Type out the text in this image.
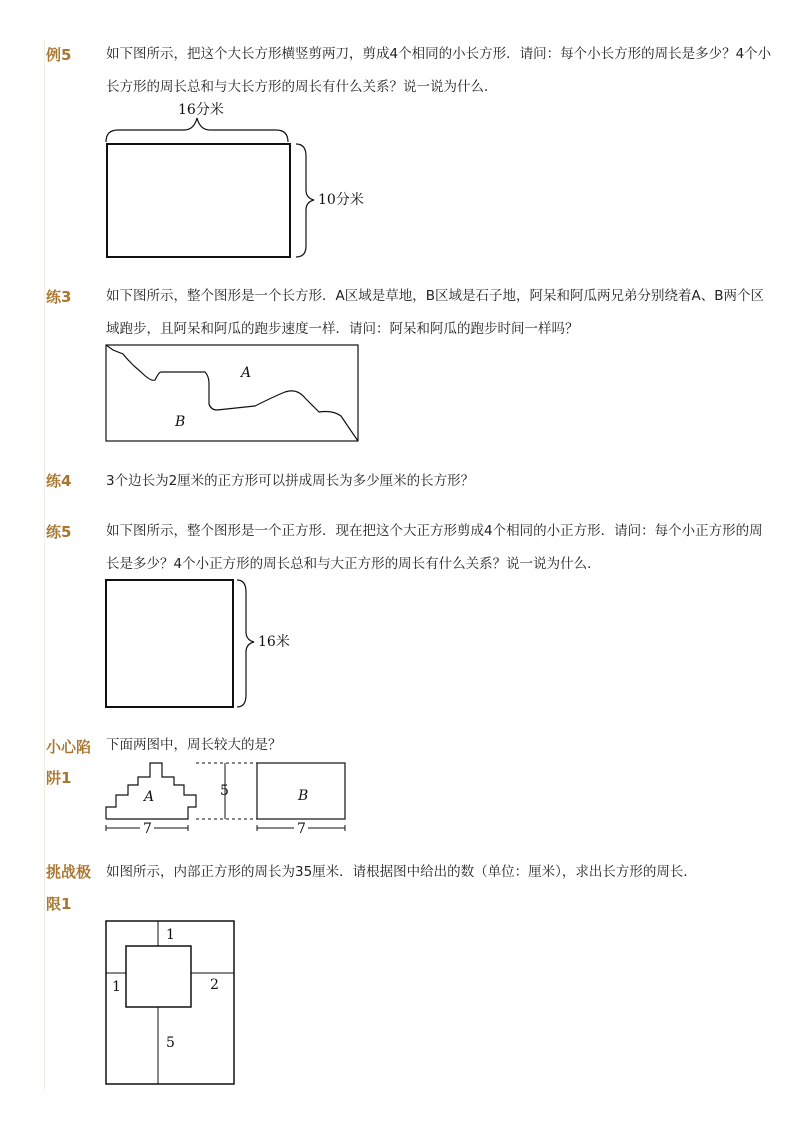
例5	如下图所示，把这个大长方形横竖剪两刀，剪成4个相同的小长方形．请问：每个小长方形的周长是多少？4个小长方形的周长总和与大长方形的周长有什么关系？说一说为什么．
16分米
10分米
练3	如下图所示，整个图形是一个长方形．A区域是草地，B区域是石子地，阿呆和阿瓜两兄弟分别绕着A、B两个区域跑步，且阿呆和阿瓜的跑步速度一样．请问：阿呆和阿瓜的跑步时间一样吗？
A
B
练4	3个边长为2厘米的正方形可以拼成周长为多少厘米的长方形？
练5	如下图所示，整个图形是一个正方形．现在把这个大正方形剪成4个相同的小正方形．请问：每个小正方形的周长是多少？4个小正方形的周长总和与大正方形的周长有什么关系？说一说为什么．
16米
小心陷
阱1
下面两图中，周长较大的是？
A	5	B
7	7
挑战极
限1
如图所示，内部正方形的周长为35厘米．请根据图中给出的数（单位：厘米），求出长方形的周长．
1
1	2
5
